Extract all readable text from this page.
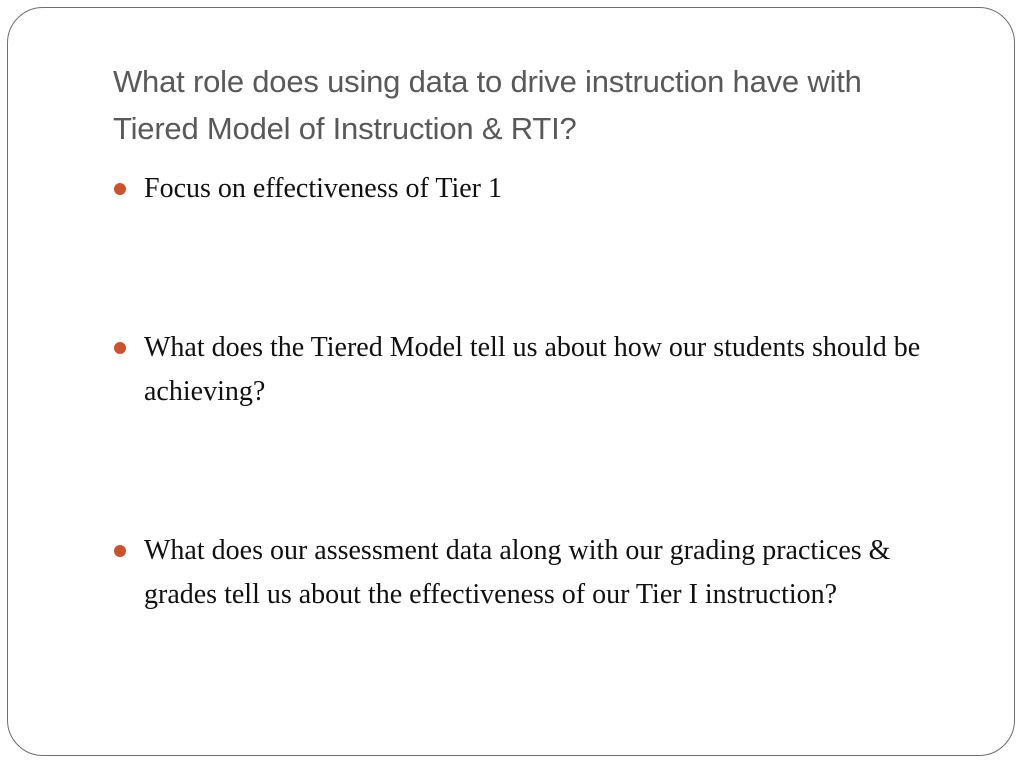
What role does using data to drive instruction have with Tiered Model of Instruction & RTI?
Focus on effectiveness of Tier 1
What does the Tiered Model tell us about how our students should be achieving?
What does our assessment data along with our grading practices & grades tell us about the effectiveness of our Tier I instruction?
